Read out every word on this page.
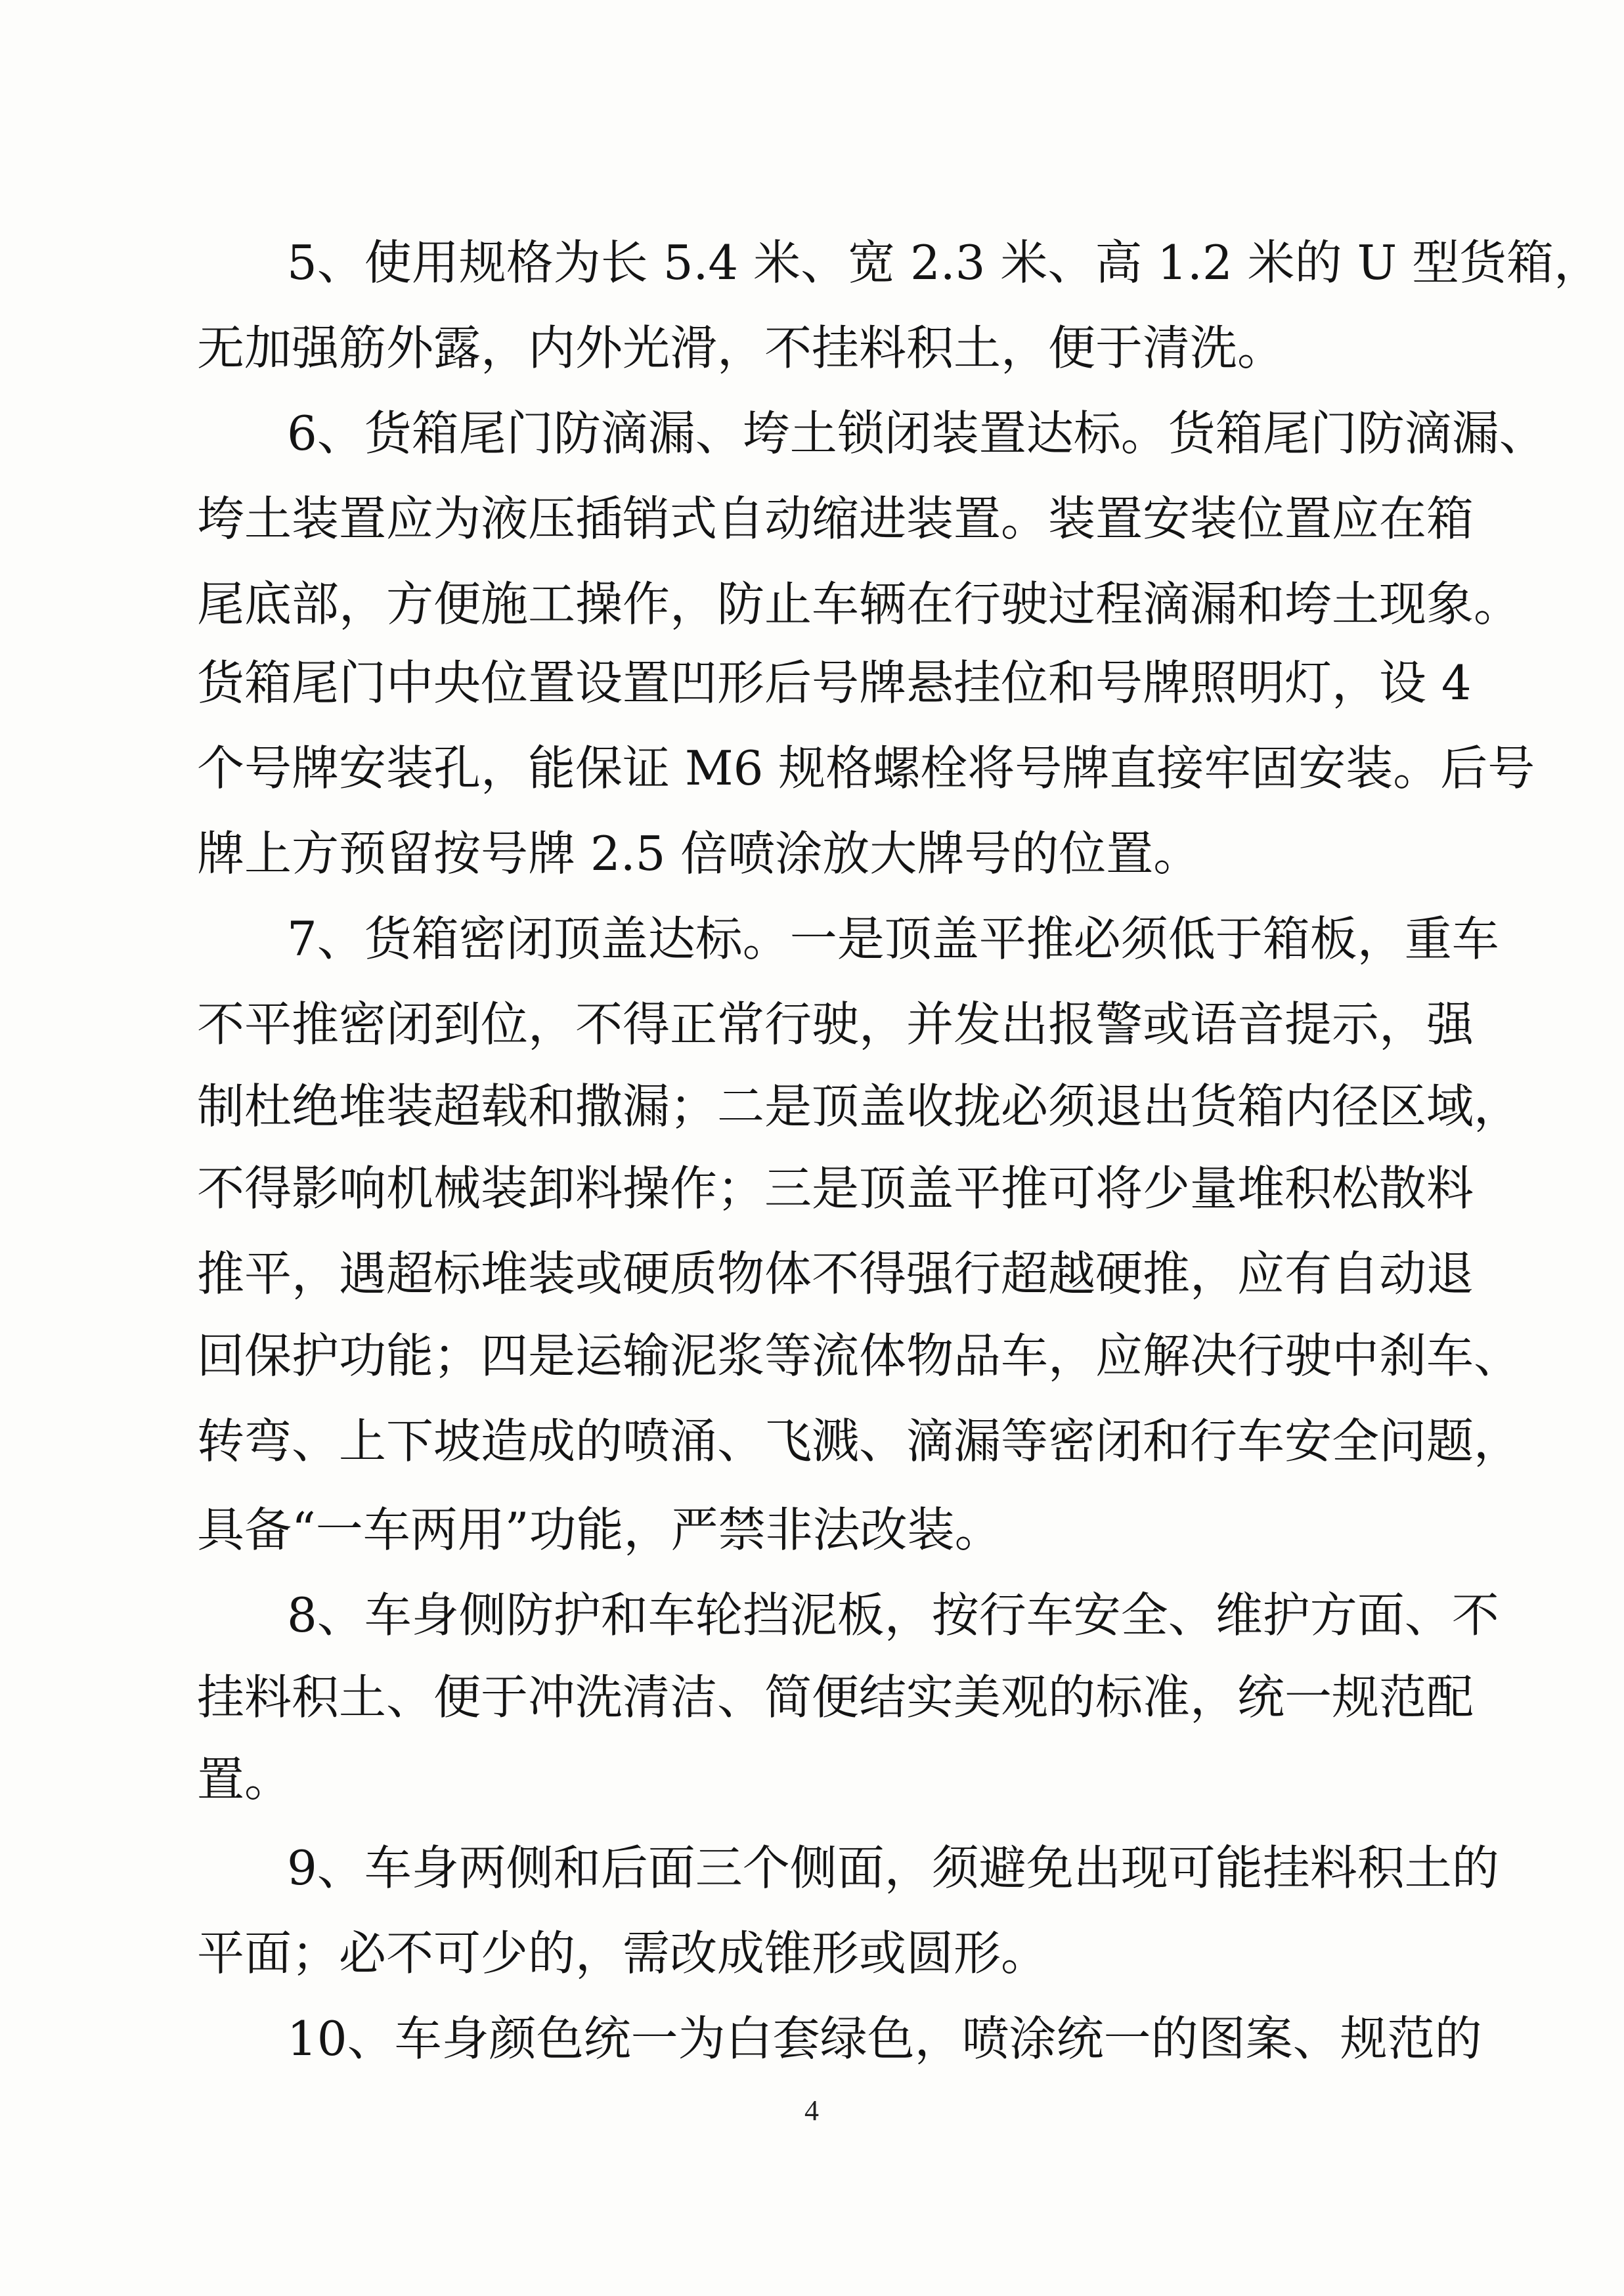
5、使用规格为长 5.4 米、宽 2.3 米、高 1.2 米的 U 型货箱，
无加强筋外露，内外光滑，不挂料积土，便于清洗。
6、货箱尾门防滴漏、垮土锁闭装置达标。货箱尾门防滴漏、
垮土装置应为液压插销式自动缩进装置。装置安装位置应在箱
尾底部，方便施工操作，防止车辆在行驶过程滴漏和垮土现象。
货箱尾门中央位置设置凹形后号牌悬挂位和号牌照明灯，设 4
个号牌安装孔，能保证 M6 规格螺栓将号牌直接牢固安装。后号
牌上方预留按号牌 2.5 倍喷涂放大牌号的位置。
7、货箱密闭顶盖达标。一是顶盖平推必须低于箱板，重车
不平推密闭到位，不得正常行驶，并发出报警或语音提示，强
制杜绝堆装超载和撒漏；二是顶盖收拢必须退出货箱内径区域，
不得影响机械装卸料操作；三是顶盖平推可将少量堆积松散料
推平，遇超标堆装或硬质物体不得强行超越硬推，应有自动退
回保护功能；四是运输泥浆等流体物品车，应解决行驶中刹车、
转弯、上下坡造成的喷涌、飞溅、滴漏等密闭和行车安全问题，
具备“一车两用”功能，严禁非法改装。
8、车身侧防护和车轮挡泥板，按行车安全、维护方面、不
挂料积土、便于冲洗清洁、简便结实美观的标准，统一规范配
置。
9、车身两侧和后面三个侧面，须避免出现可能挂料积土的
平面；必不可少的，需改成锥形或圆形。
10、车身颜色统一为白套绿色，喷涂统一的图案、规范的
4
